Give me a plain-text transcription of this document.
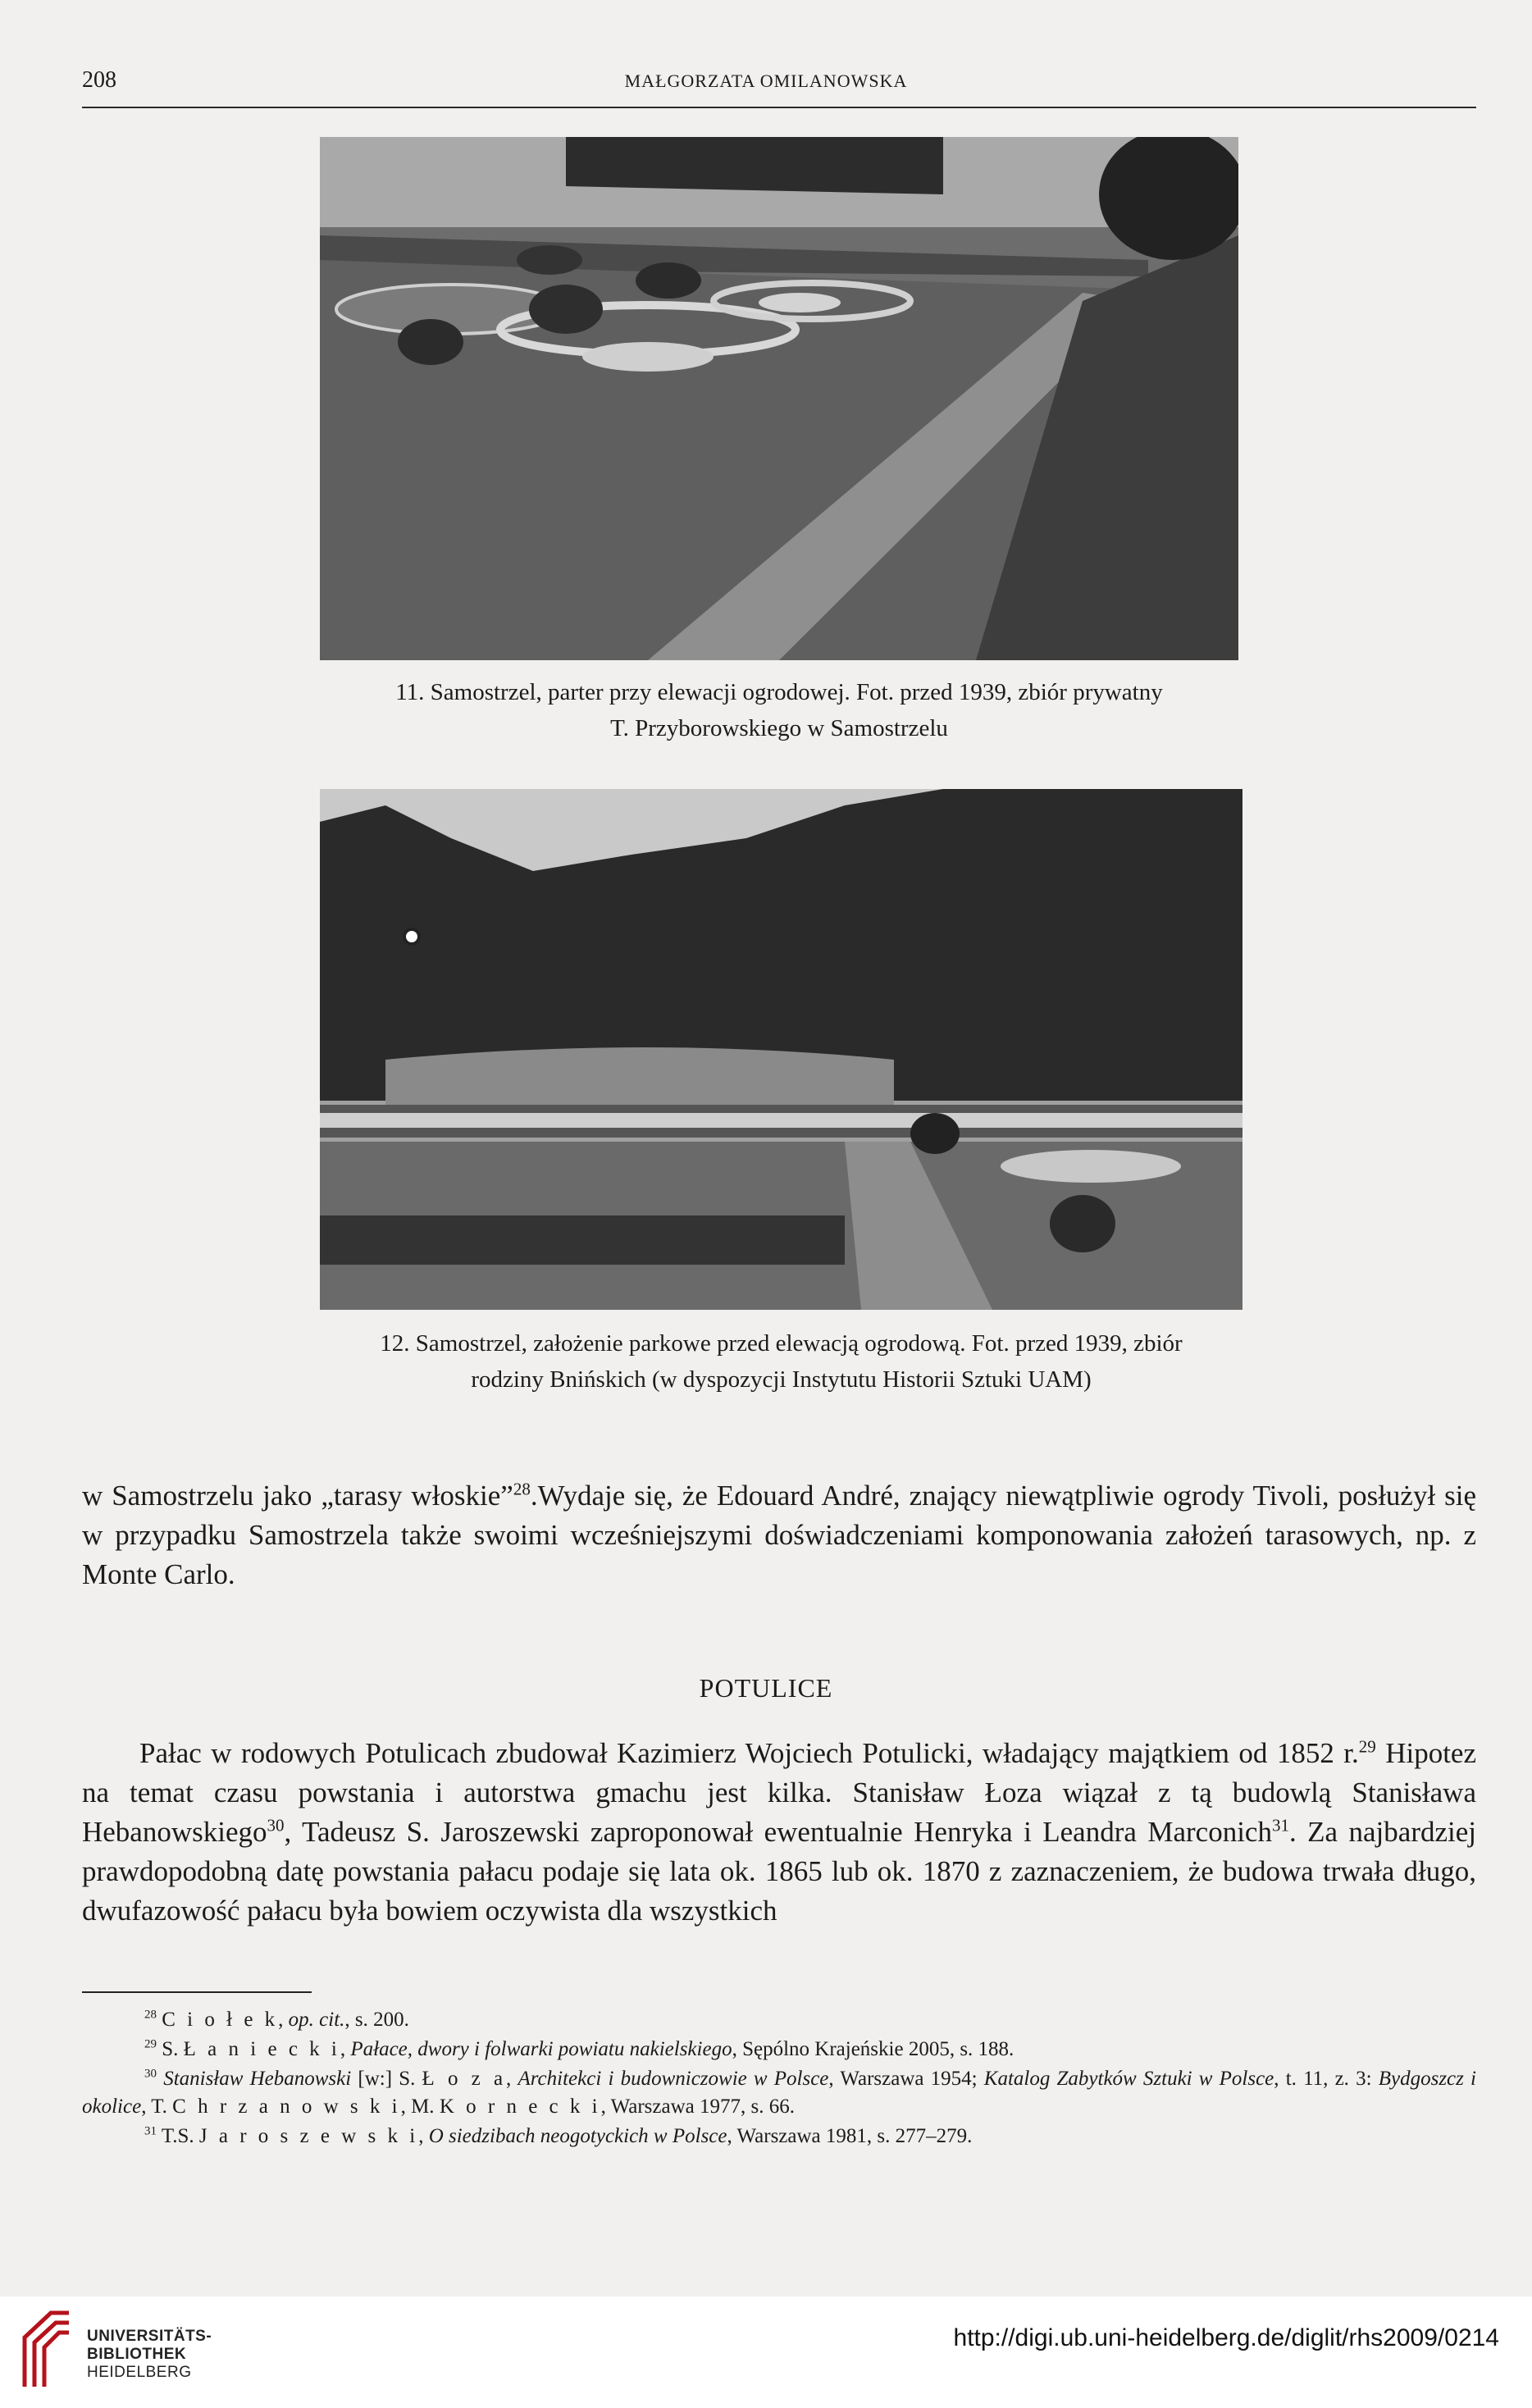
208	MAŁGORZATA OMILANOWSKA
11. Samostrzel, parter przy elewacji ogrodowej. Fot. przed 1939, zbiór prywatny
T. Przyborowskiego w Samostrzelu
12. Samostrzel, założenie parkowe przed elewacją ogrodową. Fot. przed 1939, zbiór
rodziny Bnińskich (w dyspozycji Instytutu Historii Sztuki UAM)
w Samostrzelu jako „tarasy włoskie”$^{28}$.Wydaje się, że Edouard André, znający niewątpliwie ogrody Tivoli, posłużył się w przypadku Samostrzela także swoimi wcześniejszymi doświadczeniami komponowania założeń tarasowych, np. z Monte Carlo.
POTULICE
Pałac w rodowych Potulicach zbudował Kazimierz Wojciech Potulicki, władający majątkiem od 1852 r.$^{29}$ Hipotez na temat czasu powstania i autorstwa gmachu jest kilka. Stanisław Łoza wiązał z tą budowlą Stanisława Hebanowskiego$^{30}$, Tadeusz S. Jaroszewski zaproponował ewentualnie Henryka i Leandra Marconich$^{31}$. Za najbardziej prawdopodobną datę powstania pałacu podaje się lata ok. 1865 lub ok. 1870 z zaznaczeniem, że budowa trwała długo, dwufazowość pałacu była bowiem oczywista dla wszystkich
$^{28}$ C i o ł e k, op. cit., s. 200.
$^{29}$ S. Ł a n i e c k i, Pałace, dwory i folwarki powiatu nakielskiego, Sępólno Krajeńskie 2005, s. 188.
$^{30}$ Stanisław Hebanowski [w:] S. Ł o z a, Architekci i budowniczowie w Polsce, Warszawa 1954; Katalog Zabytków Sztuki w Polsce, t. 11, z. 3: Bydgoszcz i okolice, T. C h r z a n o w s k i, M. K o r n e c k i, Warszawa 1977, s. 66.
$^{31}$ T.S. J a r o s z e w s k i, O siedzibach neogotyckich w Polsce, Warszawa 1981, s. 277–279.
UNIVERSITÄTS-
BIBLIOTHEK
HEIDELBERG
http://digi.ub.uni-heidelberg.de/diglit/rhs2009/0214
